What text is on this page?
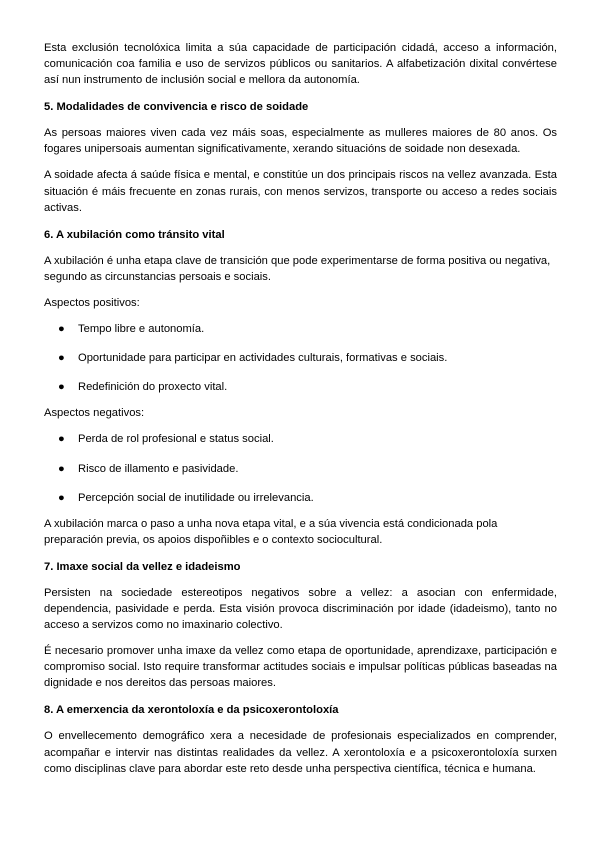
Esta exclusión tecnolóxica limita a súa capacidade de participación cidadá, acceso a información, comunicación coa familia e uso de servizos públicos ou sanitarios. A alfabetización dixital convértese así nun instrumento de inclusión social e mellora da autonomía.

5. Modalidades de convivencia e risco de soidade

As persoas maiores viven cada vez máis soas, especialmente as mulleres maiores de 80 anos. Os fogares unipersoais aumentan significativamente, xerando situacións de soidade non desexada.

A soidade afecta á saúde física e mental, e constitúe un dos principais riscos na vellez avanzada. Esta situación é máis frecuente en zonas rurais, con menos servizos, transporte ou acceso a redes sociais activas.

6. A xubilación como tránsito vital

A xubilación é unha etapa clave de transición que pode experimentarse de forma positiva ou negativa, segundo as circunstancias persoais e sociais.

Aspectos positivos:

● Tempo libre e autonomía.
● Oportunidade para participar en actividades culturais, formativas e sociais.
● Redefinición do proxecto vital.

Aspectos negativos:

● Perda de rol profesional e status social.
● Risco de illamento e pasividade.
● Percepción social de inutilidade ou irrelevancia.

A xubilación marca o paso a unha nova etapa vital, e a súa vivencia está condicionada pola preparación previa, os apoios dispoñibles e o contexto sociocultural.

7. Imaxe social da vellez e idadeismo

Persisten na sociedade estereotipos negativos sobre a vellez: a asocian con enfermidade, dependencia, pasividade e perda. Esta visión provoca discriminación por idade (idadeismo), tanto no acceso a servizos como no imaxinario colectivo.

É necesario promover unha imaxe da vellez como etapa de oportunidade, aprendizaxe, participación e compromiso social. Isto require transformar actitudes sociais e impulsar políticas públicas baseadas na dignidade e nos dereitos das persoas maiores.

8. A emerxencia da xerontoloxía e da psicoxerontoloxía

O envellecemento demográfico xera a necesidade de profesionais especializados en comprender, acompañar e intervir nas distintas realidades da vellez. A xerontoloxía e a psicoxerontoloxía surxen como disciplinas clave para abordar este reto desde unha perspectiva científica, técnica e humana.
